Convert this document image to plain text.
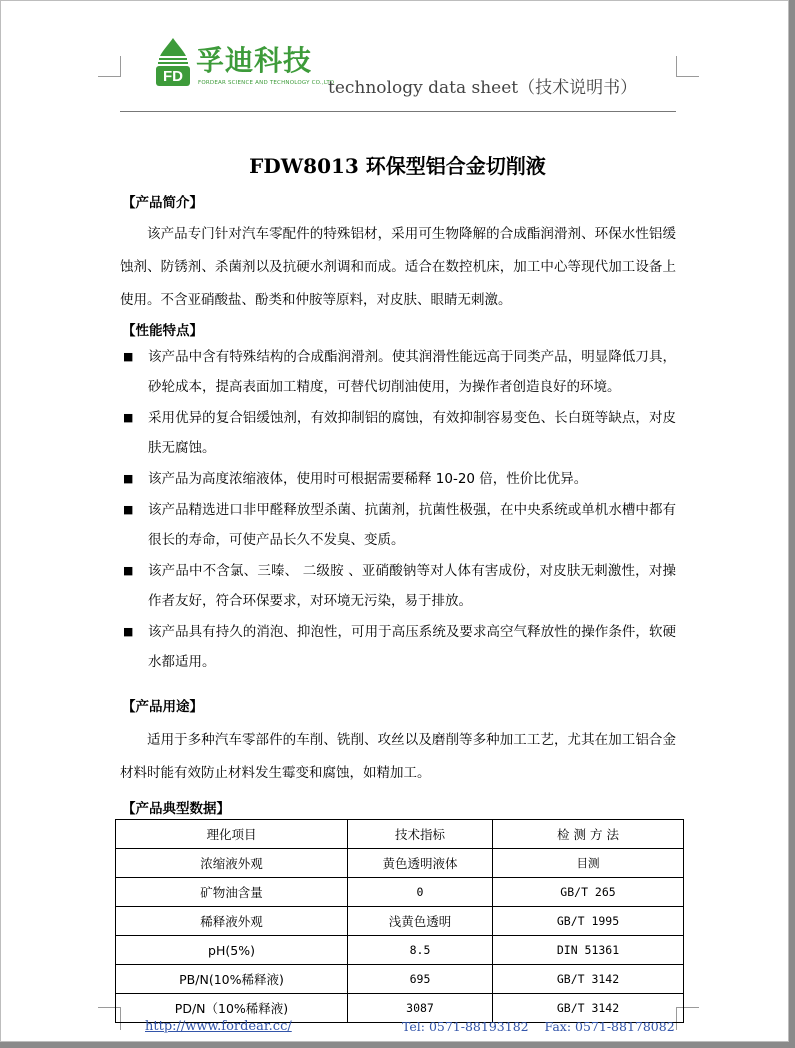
FD 孚迪科技
FORDEAR SCIENCE AND TECHNOLOGY CO.,LTD
technology data sheet（技术说明书）
FDW8013 环保型铝合金切削液
【产品简介】
该产品专门针对汽车零配件的特殊铝材，采用可生物降解的合成酯润滑剂、环保水性铝缓蚀剂、防锈剂、杀菌剂以及抗硬水剂调和而成。适合在数控机床，加工中心等现代加工设备上使用。不含亚硝酸盐、酚类和仲胺等原料，对皮肤、眼睛无刺激。
【性能特点】
■ 该产品中含有特殊结构的合成酯润滑剂。使其润滑性能远高于同类产品，明显降低刀具，砂轮成本，提高表面加工精度，可替代切削油使用，为操作者创造良好的环境。
■ 采用优异的复合铝缓蚀剂，有效抑制铝的腐蚀，有效抑制容易变色、长白斑等缺点，对皮肤无腐蚀。
■ 该产品为高度浓缩液体，使用时可根据需要稀释 10-20 倍，性价比优异。
■ 该产品精选进口非甲醛释放型杀菌、抗菌剂，抗菌性极强，在中央系统或单机水槽中都有很长的寿命，可使产品长久不发臭、变质。
■ 该产品中不含氯、三嗪、 二级胺 、亚硝酸钠等对人体有害成份，对皮肤无刺激性，对操作者友好，符合环保要求，对环境无污染，易于排放。
■ 该产品具有持久的消泡、抑泡性，可用于高压系统及要求高空气释放性的操作条件，软硬水都适用。
【产品用途】
适用于多种汽车零部件的车削、铣削、攻丝以及磨削等多种加工工艺，尤其在加工铝合金材料时能有效防止材料发生霉变和腐蚀，如精加工。
【产品典型数据】
理化项目	技术指标	检 测 方 法
浓缩液外观	黄色透明液体	目测
矿物油含量	0	GB/T 265
稀释液外观	浅黄色透明	GB/T 1995
pH(5%)	8.5	DIN 51361
PB/N(10%稀释液)	695	GB/T 3142
PD/N（10%稀释液)	3087	GB/T 3142
http://www.fordear.cc/	Tel: 0571-88193182    Fax: 0571-88178082
